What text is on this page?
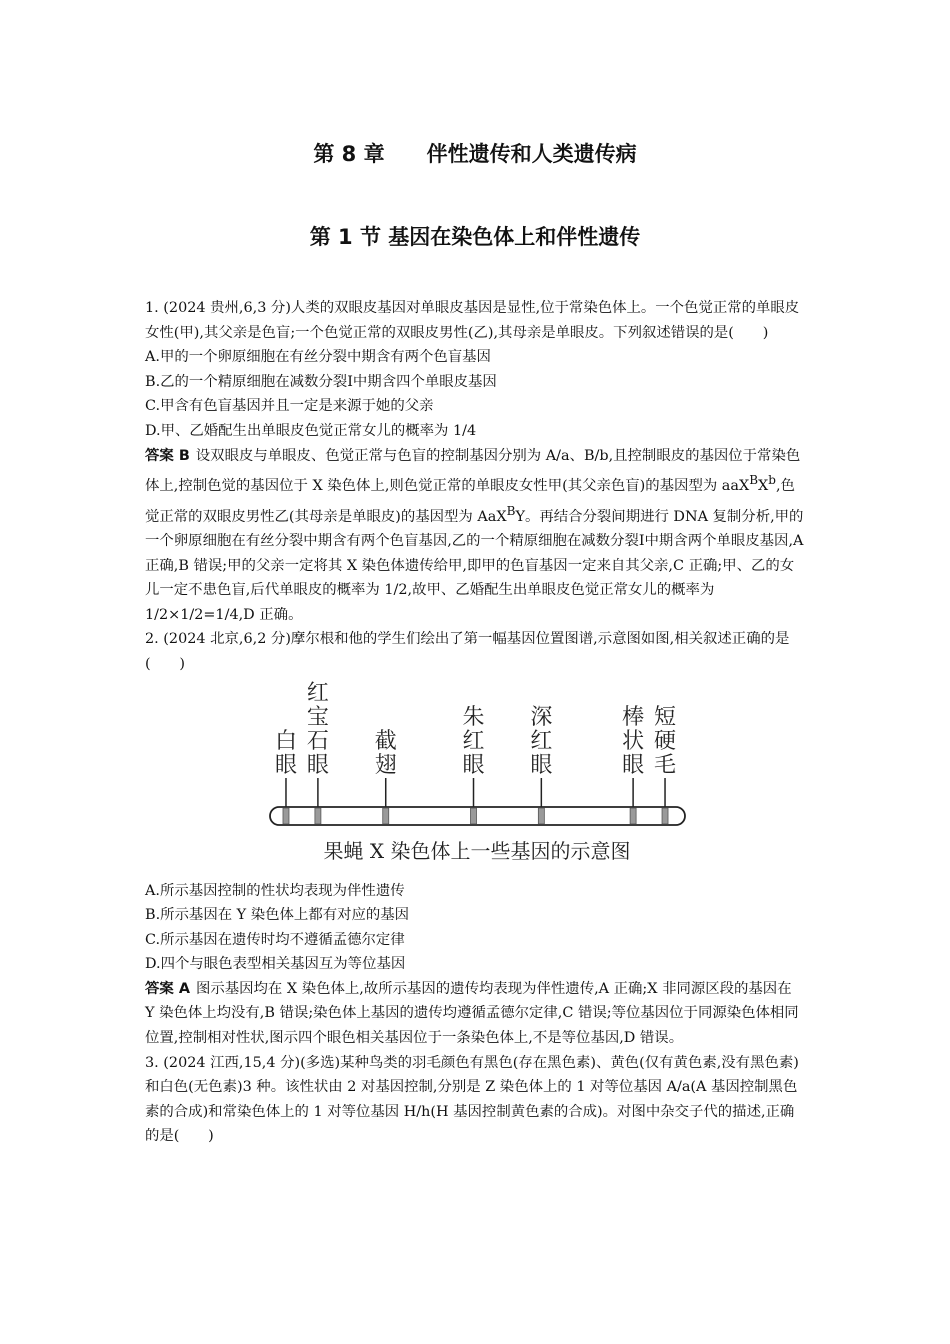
第 8 章　　伴性遗传和人类遗传病
第 1 节 基因在染色体上和伴性遗传

1. (2024 贵州,6,3 分)人类的双眼皮基因对单眼皮基因是显性,位于常染色体上。一个色觉正常的单眼皮女性(甲),其父亲是色盲;一个色觉正常的双眼皮男性(乙),其母亲是单眼皮。下列叙述错误的是(　　)

A.甲的一个卵原细胞在有丝分裂中期含有两个色盲基因

B.乙的一个精原细胞在减数分裂Ⅰ中期含四个单眼皮基因

C.甲含有色盲基因并且一定是来源于她的父亲

D.甲、乙婚配生出单眼皮色觉正常女儿的概率为 1/4

答案 B 设双眼皮与单眼皮、色觉正常与色盲的控制基因分别为 A/a、B/b,且控制眼皮的基因位于常染色体上,控制色觉的基因位于 X 染色体上,则色觉正常的单眼皮女性甲(其父亲色盲)的基因型为 $aaX^BX^b$,色觉正常的双眼皮男性乙(其母亲是单眼皮)的基因型为 AaX$^B$Y。再结合分裂间期进行 DNA 复制分析,甲的一个卵原细胞在有丝分裂中期含有两个色盲基因,乙的一个精原细胞在减数分裂Ⅰ中期含两个单眼皮基因,A 正确,B 错误;甲的父亲一定将其 X 染色体遗传给甲,即甲的色盲基因一定来自其父亲,C 正确;甲、乙的女儿一定不患色盲,后代单眼皮的概率为 1/2,故甲、乙婚配生出单眼皮色觉正常女儿的概率为 1/2×1/2=1/4,D 正确。

2. (2024 北京,6,2 分)摩尔根和他的学生们绘出了第一幅基因位置图谱,示意图如图,相关叙述正确的是(　　)

白眼
红宝石眼
截翅
朱红眼
深红眼
棒状眼
短硬毛
果蝇 X 染色体上一些基因的示意图

A.所示基因控制的性状均表现为伴性遗传

B.所示基因在 Y 染色体上都有对应的基因

C.所示基因在遗传时均不遵循孟德尔定律

D.四个与眼色表型相关基因互为等位基因

答案 A 图示基因均在 X 染色体上,故所示基因的遗传均表现为伴性遗传,A 正确;X 非同源区段的基因在 Y 染色体上均没有,B 错误;染色体上基因的遗传均遵循孟德尔定律,C 错误;等位基因位于同源染色体相同位置,控制相对性状,图示四个眼色相关基因位于一条染色体上,不是等位基因,D 错误。

3. (2024 江西,15,4 分)(多选)某种鸟类的羽毛颜色有黑色(存在黑色素)、黄色(仅有黄色素,没有黑色素)和白色(无色素)3 种。该性状由 2 对基因控制,分别是 Z 染色体上的 1 对等位基因 A/a(A 基因控制黑色素的合成)和常染色体上的 1 对等位基因 H/h(H 基因控制黄色素的合成)。对图中杂交子代的描述,正确的是(　　)
